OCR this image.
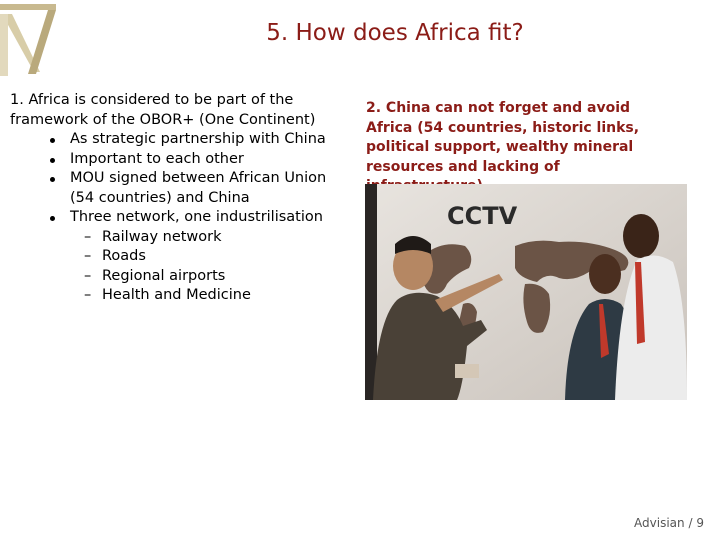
5. How does Africa fit?

1. Africa is considered to be part of the framework of the OBOR+ (One Continent)

As strategic partnership with China
Important to each other
MOU signed between African Union (54 countries) and China
Three network, one industrilisation
– Railway network
– Roads
– Regional airports
– Health and Medicine
2. China can not forget and avoid Africa (54 countries, historic links, political support, wealthy mineral resources and lacking of
CCTV
Advisian / 9
